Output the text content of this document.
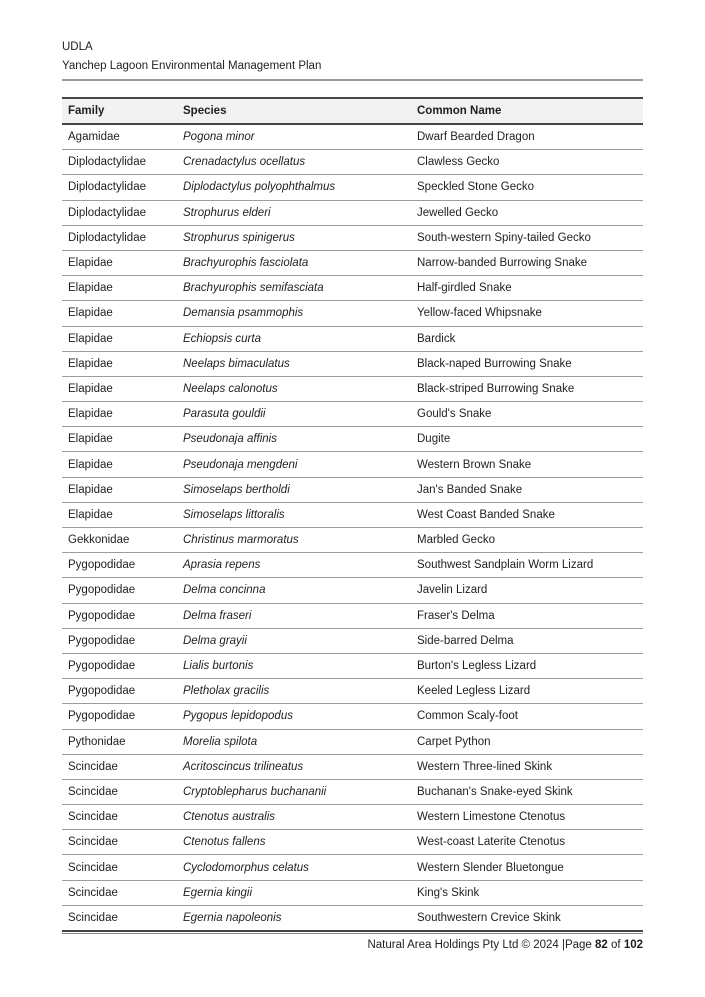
UDLA
Yanchep Lagoon Environmental Management Plan
Family	Species	Common Name
Agamidae	Pogona minor	Dwarf Bearded Dragon
Diplodactylidae	Crenadactylus ocellatus	Clawless Gecko
Diplodactylidae	Diplodactylus polyophthalmus	Speckled Stone Gecko
Diplodactylidae	Strophurus elderi	Jewelled Gecko
Diplodactylidae	Strophurus spinigerus	South-western Spiny-tailed Gecko
Elapidae	Brachyurophis fasciolata	Narrow-banded Burrowing Snake
Elapidae	Brachyurophis semifasciata	Half-girdled Snake
Elapidae	Demansia psammophis	Yellow-faced Whipsnake
Elapidae	Echiopsis curta	Bardick
Elapidae	Neelaps bimaculatus	Black-naped Burrowing Snake
Elapidae	Neelaps calonotus	Black-striped Burrowing Snake
Elapidae	Parasuta gouldii	Gould's Snake
Elapidae	Pseudonaja affinis	Dugite
Elapidae	Pseudonaja mengdeni	Western Brown Snake
Elapidae	Simoselaps bertholdi	Jan's Banded Snake
Elapidae	Simoselaps littoralis	West Coast Banded Snake
Gekkonidae	Christinus marmoratus	Marbled Gecko
Pygopodidae	Aprasia repens	Southwest Sandplain Worm Lizard
Pygopodidae	Delma concinna	Javelin Lizard
Pygopodidae	Delma fraseri	Fraser's Delma
Pygopodidae	Delma grayii	Side-barred Delma
Pygopodidae	Lialis burtonis	Burton's Legless Lizard
Pygopodidae	Pletholax gracilis	Keeled Legless Lizard
Pygopodidae	Pygopus lepidopodus	Common Scaly-foot
Pythonidae	Morelia spilota	Carpet Python
Scincidae	Acritoscincus trilineatus	Western Three-lined Skink
Scincidae	Cryptoblepharus buchananii	Buchanan's Snake-eyed Skink
Scincidae	Ctenotus australis	Western Limestone Ctenotus
Scincidae	Ctenotus fallens	West-coast Laterite Ctenotus
Scincidae	Cyclodomorphus celatus	Western Slender Bluetongue
Scincidae	Egernia kingii	King's Skink
Scincidae	Egernia napoleonis	Southwestern Crevice Skink
Natural Area Holdings Pty Ltd © 2024 |Page 82 of 102
